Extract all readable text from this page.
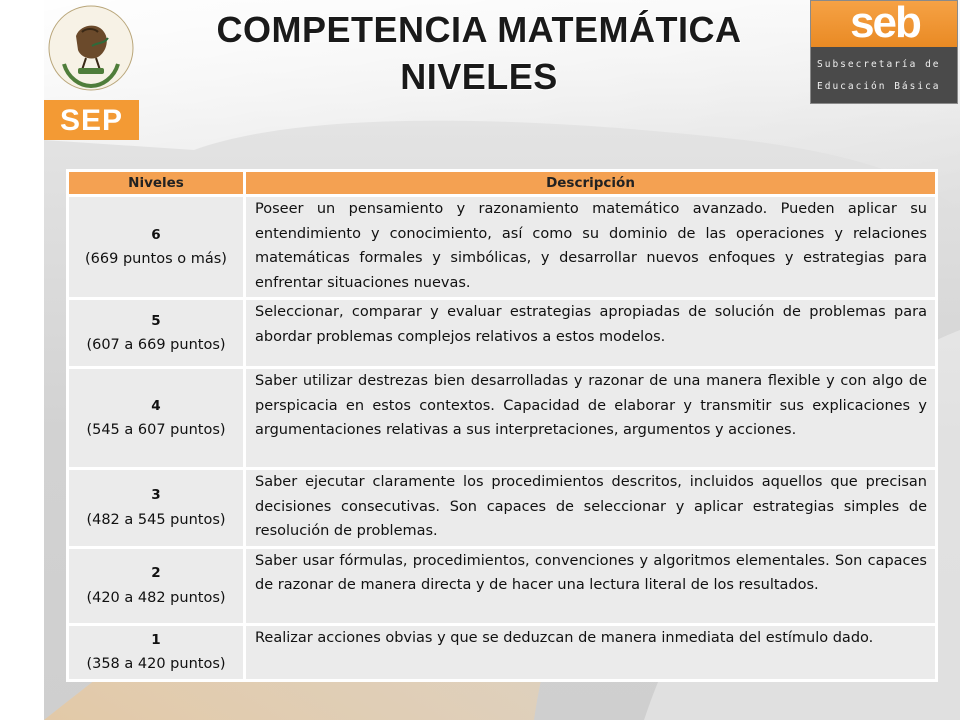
SEP
seb
Subsecretaría de
Educación Básica
COMPETENCIA MATEMÁTICA
NIVELES
Niveles	Descripción

6
(669 puntos o más)	Poseer un pensamiento y razonamiento matemático avanzado. Pueden aplicar su entendimiento y conocimiento, así como su dominio de las operaciones y relaciones matemáticas formales y simbólicas, y desarrollar nuevos enfoques y estrategias para enfrentar situaciones nuevas.

5
(607 a 669 puntos)	Seleccionar, comparar y evaluar estrategias apropiadas de solución de problemas para abordar problemas complejos relativos a estos modelos.

4
(545 a 607 puntos)	Saber utilizar destrezas bien desarrolladas y razonar de una manera flexible y con algo de perspicacia en estos contextos. Capacidad de elaborar y transmitir sus explicaciones y argumentaciones relativas a sus interpretaciones, argumentos y acciones.

3
(482 a 545 puntos)	Saber ejecutar claramente los procedimientos descritos, incluidos aquellos que precisan decisiones consecutivas. Son capaces de seleccionar y aplicar estrategias simples de resolución de problemas.

2
(420 a 482 puntos)	Saber usar fórmulas, procedimientos, convenciones y algoritmos elementales. Son capaces de razonar de manera directa y de hacer una lectura literal de los resultados.

1
(358 a 420 puntos)	Realizar acciones obvias y que se deduzcan de manera inmediata del estímulo dado.
